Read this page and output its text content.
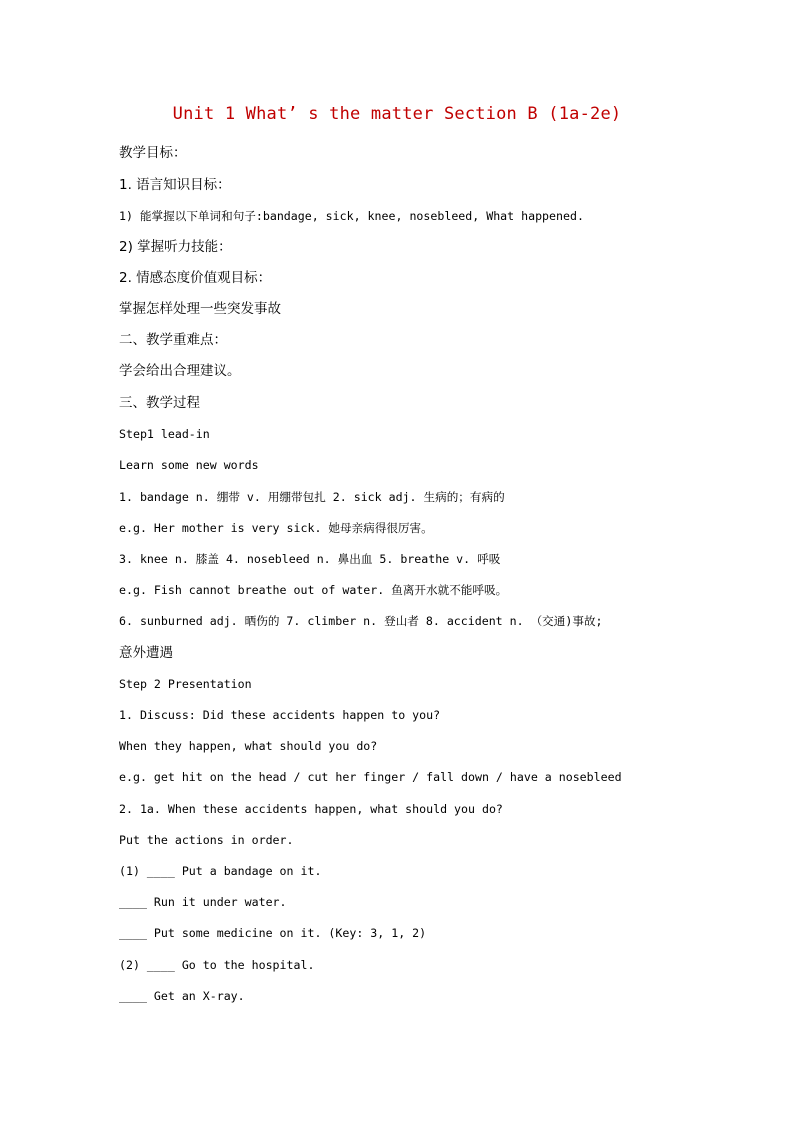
Unit 1 What’ s the matter Section B (1a-2e)
教学目标：
1. 语言知识目标：
1) 能掌握以下单词和句子:bandage, sick, knee, nosebleed, What happened.
2) 掌握听力技能：
2. 情感态度价值观目标：
掌握怎样处理一些突发事故
二、教学重难点：
学会给出合理建议。
三、教学过程
Step1 lead-in
Learn some new words
1. bandage n. 绷带 v. 用绷带包扎 2. sick adj. 生病的；有病的
e.g. Her mother is very sick. 她母亲病得很厉害。
3. knee n. 膝盖 4. nosebleed n. 鼻出血 5. breathe v. 呼吸
e.g. Fish cannot breathe out of water. 鱼离开水就不能呼吸。
6. sunburned adj. 晒伤的 7. climber n. 登山者 8. accident n. （交通)事故;
意外遭遇
Step 2 Presentation
1. Discuss: Did these accidents happen to you?
When they happen, what should you do?
e.g. get hit on the head / cut her finger / fall down / have a nosebleed
2. 1a. When these accidents happen, what should you do?
Put the actions in order.
(1) ____ Put a bandage on it.
____ Run it under water.
____ Put some medicine on it. (Key: 3, 1, 2)
(2) ____ Go to the hospital.
____ Get an X-ray.
